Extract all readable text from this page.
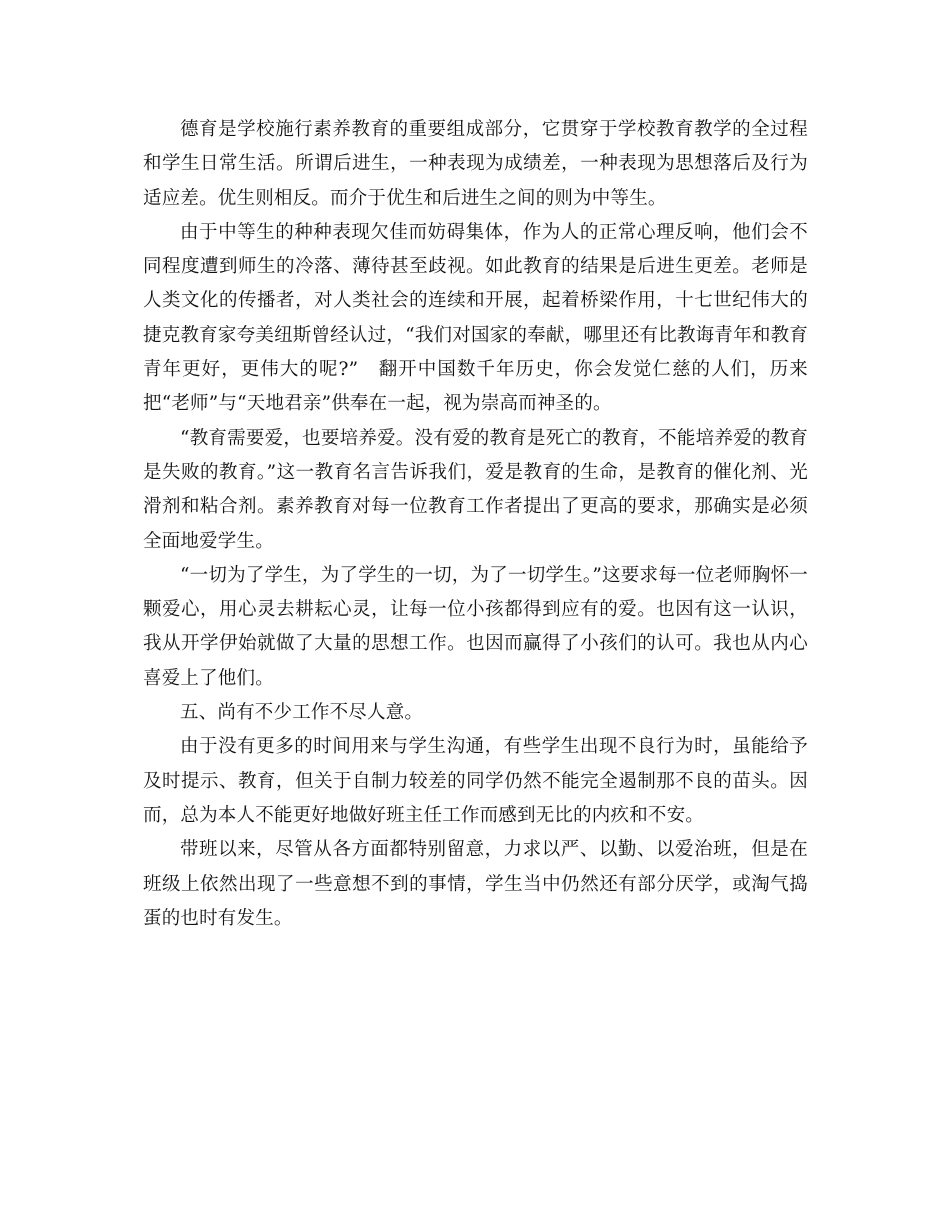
德育是学校施行素养教育的重要组成部分，它贯穿于学校教育教学的全过程和学生日常生活。所谓后进生，一种表现为成绩差，一种表现为思想落后及行为适应差。优生则相反。而介于优生和后进生之间的则为中等生。

由于中等生的种种表现欠佳而妨碍集体，作为人的正常心理反响，他们会不同程度遭到师生的冷落、薄待甚至歧视。如此教育的结果是后进生更差。老师是人类文化的传播者，对人类社会的连续和开展，起着桥梁作用，十七世纪伟大的捷克教育家夸美纽斯曾经认过，“我们对国家的奉献，哪里还有比教诲青年和教育青年更好，更伟大的呢?”　翻开中国数千年历史，你会发觉仁慈的人们，历来把“老师”与“天地君亲”供奉在一起，视为崇高而神圣的。

“教育需要爱，也要培养爱。没有爱的教育是死亡的教育，不能培养爱的教育是失败的教育。”这一教育名言告诉我们，爱是教育的生命，是教育的催化剂、光滑剂和粘合剂。素养教育对每一位教育工作者提出了更高的要求，那确实是必须全面地爱学生。

“一切为了学生，为了学生的一切，为了一切学生。”这要求每一位老师胸怀一颗爱心，用心灵去耕耘心灵，让每一位小孩都得到应有的爱。也因有这一认识，我从开学伊始就做了大量的思想工作。也因而赢得了小孩们的认可。我也从内心喜爱上了他们。

五、尚有不少工作不尽人意。

由于没有更多的时间用来与学生沟通，有些学生出现不良行为时，虽能给予及时提示、教育，但关于自制力较差的同学仍然不能完全遏制那不良的苗头。因而，总为本人不能更好地做好班主任工作而感到无比的内疚和不安。

带班以来，尽管从各方面都特别留意，力求以严、以勤、以爱治班，但是在班级上依然出现了一些意想不到的事情，学生当中仍然还有部分厌学，或淘气捣蛋的也时有发生。
